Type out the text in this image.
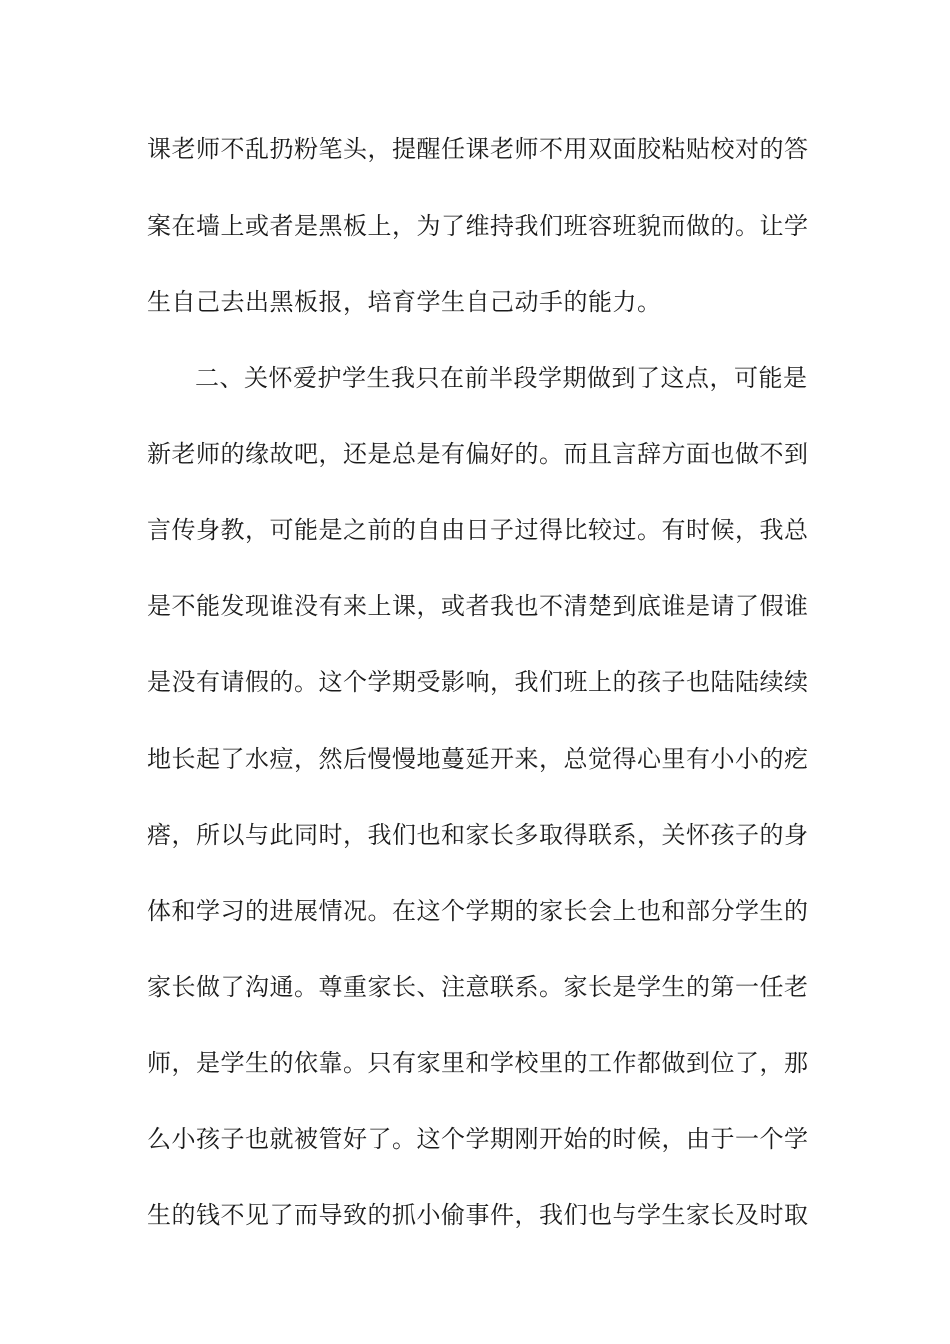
课老师不乱扔粉笔头，提醒任课老师不用双面胶粘贴校对的答
案在墙上或者是黑板上，为了维持我们班容班貌而做的。让学
生自己去出黑板报，培育学生自己动手的能力。
二、关怀爱护学生我只在前半段学期做到了这点，可能是
新老师的缘故吧，还是总是有偏好的。而且言辞方面也做不到
言传身教，可能是之前的自由日子过得比较过。有时候，我总
是不能发现谁没有来上课，或者我也不清楚到底谁是请了假谁
是没有请假的。这个学期受影响，我们班上的孩子也陆陆续续
地长起了水痘，然后慢慢地蔓延开来，总觉得心里有小小的疙
瘩，所以与此同时，我们也和家长多取得联系，关怀孩子的身
体和学习的进展情况。在这个学期的家长会上也和部分学生的
家长做了沟通。尊重家长、注意联系。家长是学生的第一任老
师，是学生的依靠。只有家里和学校里的工作都做到位了，那
么小孩子也就被管好了。这个学期刚开始的时候，由于一个学
生的钱不见了而导致的抓小偷事件，我们也与学生家长及时取
